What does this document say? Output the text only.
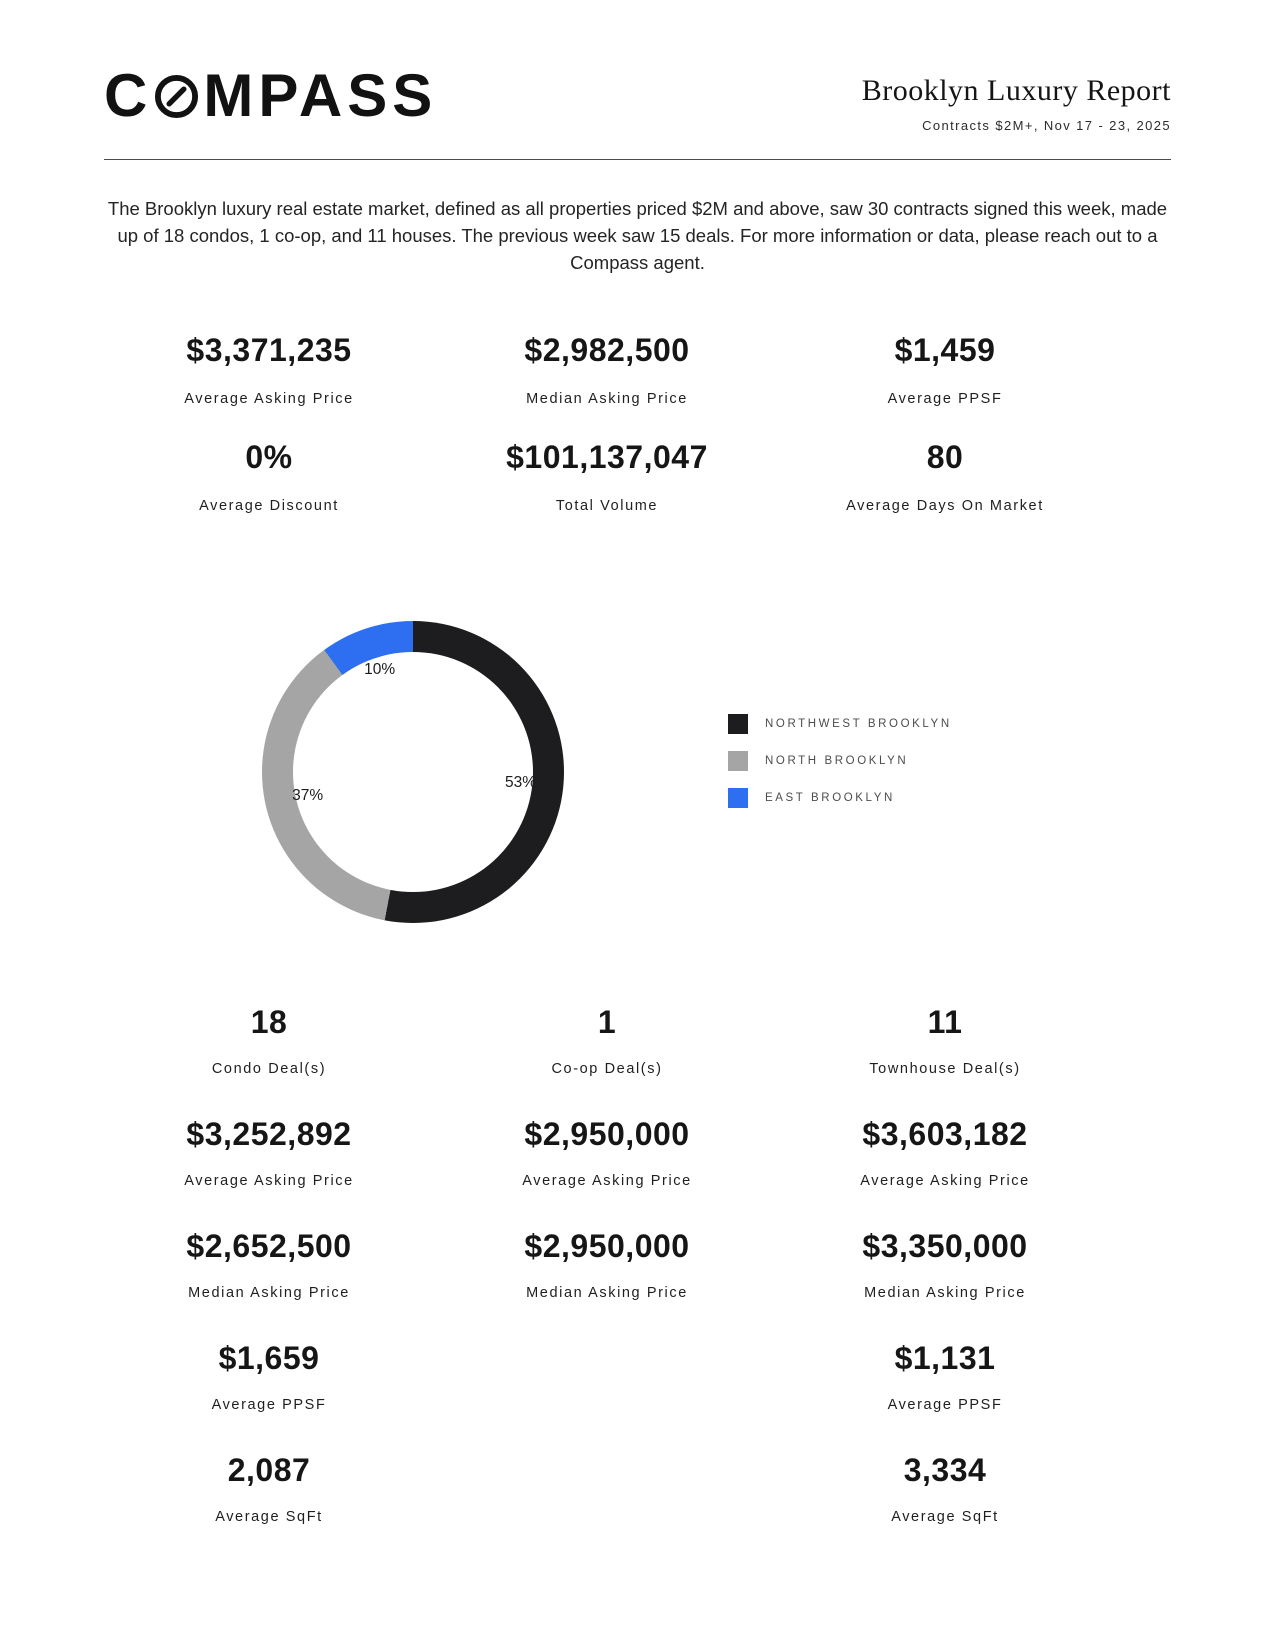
C MPASS	Brooklyn Luxury Report
Contracts $2M+, Nov 17 - 23, 2025

The Brooklyn luxury real estate market, defined as all properties priced $2M and above, saw 30 contracts signed this week, made up of 18 condos, 1 co-op, and 11 houses. The previous week saw 15 deals. For more information or data, please reach out to a Compass agent.

$3,371,235
Average Asking Price
$2,982,500
Median Asking Price
$1,459
Average PPSF
0%
Average Discount
$101,137,047
Total Volume
80
Average Days On Market
53%
37%
10%
NORTHWEST BROOKLYN
NORTH BROOKLYN
EAST BROOKLYN
18
Condo Deal(s)
1
Co-op Deal(s)
11
Townhouse Deal(s)
$3,252,892
Average Asking Price
$2,950,000
Average Asking Price
$3,603,182
Average Asking Price
$2,652,500
Median Asking Price
$2,950,000
Median Asking Price
$3,350,000
Median Asking Price
$1,659
Average PPSF
$1,131
Average PPSF
2,087
Average SqFt
3,334
Average SqFt
